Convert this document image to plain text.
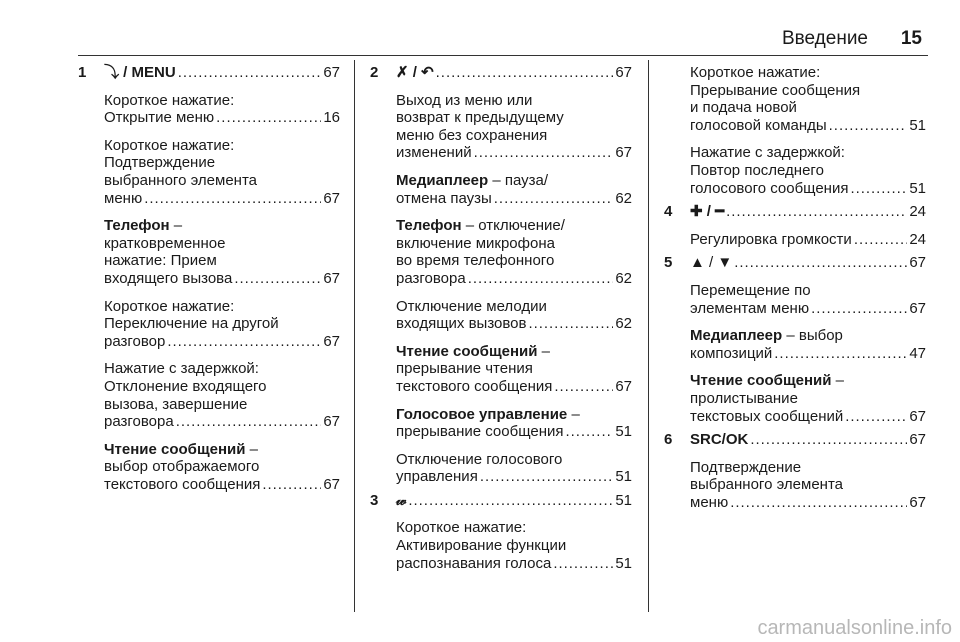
Введение 15
1 ⤵ / MENU . . .	67
Короткое нажатие:
Открытие меню . . .	16
Короткое нажатие:
Подтверждение
выбранного элемента
меню . . .	67
Телефон –
кратковременное
нажатие: Прием
входящего вызова . . .	67
Короткое нажатие:
Переключение на другой
разговор . . .	67
Нажатие с задержкой:
Отклонение входящего
вызова, завершение
разговора . . .	67
Чтение сообщений –
выбор отображаемого
текстового сообщения . . .	67
2 ✗ / ↶ . . .	67
Выход из меню или
возврат к предыдущему
меню без сохранения
изменений . . .	67
Медиаплеер – пауза/
отмена паузы . . .	62
Телефон – отключение/
включение микрофона
во время телефонного
разговора . . .	62
Отключение мелодии
входящих вызовов . . .	62
Чтение сообщений –
прерывание чтения
текстового сообщения . . .	67
Голосовое управление –
прерывание сообщения . . .	51
Отключение голосового
управления . . .	51
3 𝓌 . . .	51
Короткое нажатие:
Активирование функции
распознавания голоса . . .	51
Короткое нажатие:
Прерывание сообщения
и подача новой
голосовой команды . . .	51
Нажатие с задержкой:
Повтор последнего
голосового сообщения . . .	51
4 ✚ / ━ . . .	24
Регулировка громкости . . .	24
5 ▲ / ▼ . . .	67
Перемещение по
элементам меню . . .	67
Медиаплеер – выбор
композиций . . .	47
Чтение сообщений –
пролистывание
текстовых сообщений . . .	67
6 SRC/OK . . .	67
Подтверждение
выбранного элемента
меню . . .	67
carmanualsonline.info
